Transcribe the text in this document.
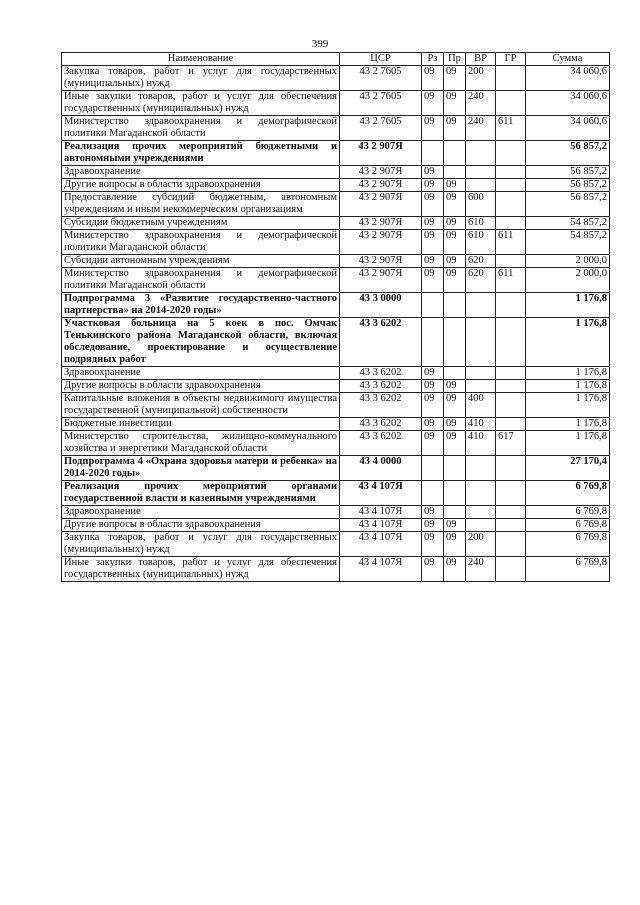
399
Наименование	ЦСР	Рз	Пр	ВР	ГР	Сумма
Закупка товаров, работ и услуг для государственных (муниципальных) нужд	43 2 7605	09	09	200		34 060,6
Иные закупки товаров, работ и услуг для обеспечения государственных (муниципальных) нужд	43 2 7605	09	09	240		34 060,6
Министерство здравоохранения и демографической политики Магаданской области	43 2 7605	09	09	240	611	34 060,6
Реализация прочих мероприятий бюджетными и автономными учреждениями	43 2 907Я					56 857,2
Здравоохранение	43 2 907Я	09				56 857,2
Другие вопросы в области здравоохранения	43 2 907Я	09	09			56 857,2
Предоставление субсидий бюджетным, автономным учреждениям и иным некоммерческим организациям	43 2 907Я	09	09	600		56 857,2
Субсидии бюджетным учреждениям	43 2 907Я	09	09	610		54 857,2
Министерство здравоохранения и демографической политики Магаданской области	43 2 907Я	09	09	610	611	54 857,2
Субсидии автономным учреждениям	43 2 907Я	09	09	620		2 000,0
Министерство здравоохранения и демографической политики Магаданской области	43 2 907Я	09	09	620	611	2 000,0
Подпрограмма 3 «Развитие государственно-частного партнерства» на 2014-2020 годы»	43 3 0000					1 176,8
Участковая больница на 5 коек в пос. Омчак Тенькинского района Магаданской области, включая обследование, проектирование и осуществление подрядных работ	43 3 6202					1 176,8
Здравоохранение	43 3 6202	09				1 176,8
Другие вопросы в области здравоохранения	43 3 6202	09	09			1 176,8
Капитальные вложения в объекты недвижимого имущества государственной (муниципальной) собственности	43 3 6202	09	09	400		1 176,8
Бюджетные инвестиции	43 3 6202	09	09	410		1 176,8
Министерство строительства, жилищно-коммунального хозяйства и энергетики Магаданской области	43 3 6202	09	09	410	617	1 176,8
Подпрограмма 4 «Охрана здоровья матери и ребенка» на 2014-2020 годы»	43 4 0000					27 170,4
Реализация прочих мероприятий органами государственной власти и казенными учреждениями	43 4 107Я					6 769,8
Здравоохранение	43 4 107Я	09				6 769,8
Другие вопросы в области здравоохранения	43 4 107Я	09	09			6 769,8
Закупка товаров, работ и услуг для государственных (муниципальных) нужд	43 4 107Я	09	09	200		6 769,8
Иные закупки товаров, работ и услуг для обеспечения государственных (муниципальных) нужд	43 4 107Я	09	09	240		6 769,8
